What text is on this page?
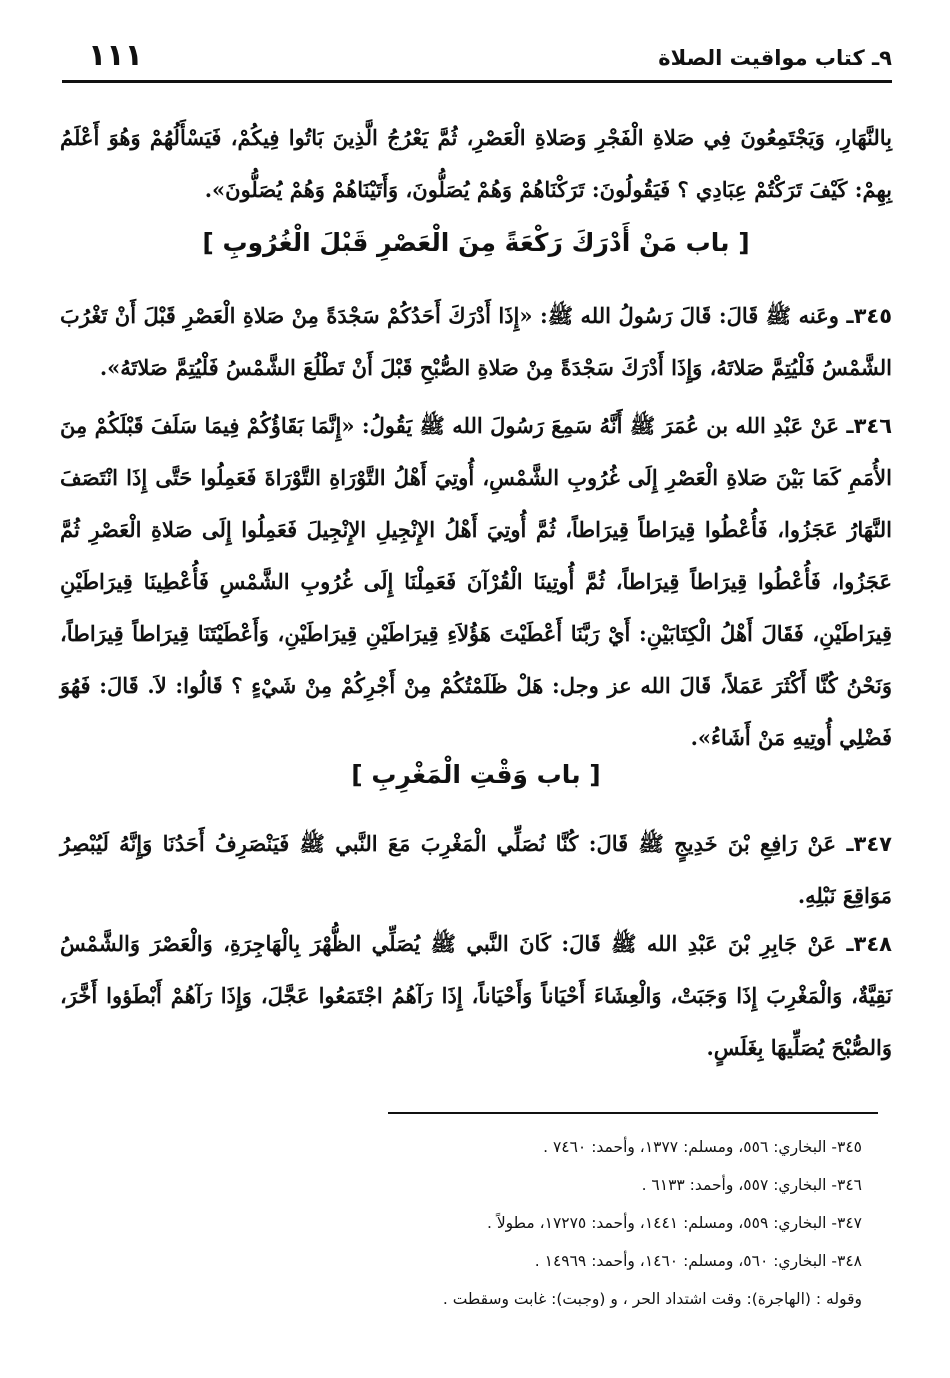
٩ـ كتاب مواقيت الصلاة
١١١
بِالنَّهَارِ، وَيَجْتَمِعُونَ فِي صَلاةِ الْفَجْرِ وَصَلاةِ الْعَصْرِ، ثُمَّ يَعْرُجُ الَّذِينَ بَاتُوا فِيكُمْ، فَيَسْأَلُهُمْ وَهُوَ أَعْلَمُ بِهِمْ: كَيْفَ تَرَكْتُمْ عِبَادِي ؟ فَيَقُولُونَ: تَرَكْنَاهُمْ وَهُمْ يُصَلُّونَ، وَأَتَيْنَاهُمْ وَهُمْ يُصَلُّونَ».
[ باب مَنْ أَدْرَكَ رَكْعَةً مِنَ الْعَصْرِ قَبْلَ الْغُرُوبِ ]
٣٤٥ـ وعَنه ﷺ قَالَ: قَالَ رَسُولُ الله ﷺ: «إِذَا أَدْرَكَ أَحَدُكُمْ سَجْدَةً مِنْ صَلاةِ الْعَصْرِ قَبْلَ أَنْ تَغْرُبَ الشَّمْسُ فَلْيُتِمَّ صَلاتَهُ، وَإِذَا أَدْرَكَ سَجْدَةً مِنْ صَلاةِ الصُّبْحِ قَبْلَ أَنْ تَطْلُعَ الشَّمْسُ فَلْيُتِمَّ صَلاتَهُ».
٣٤٦ـ عَنْ عَبْدِ الله بن عُمَرَ ﷺ أَنَّهُ سَمِعَ رَسُولَ الله ﷺ يَقُولُ: «إِنَّمَا بَقَاؤُكُمْ فِيمَا سَلَفَ قَبْلَكُمْ مِنَ الأُمَمِ كَمَا بَيْنَ صَلاةِ الْعَصْرِ إِلَى غُرُوبِ الشَّمْسِ، أُوتِيَ أَهْلُ التَّوْرَاةِ التَّوْرَاةَ فَعَمِلُوا حَتَّى إِذَا انْتَصَفَ النَّهَارُ عَجَزُوا، فَأُعْطُوا قِيرَاطاً قِيرَاطاً، ثُمَّ أُوتِيَ أَهْلُ الإِنْجِيلِ الإِنْجِيلَ فَعَمِلُوا إِلَى صَلاةِ الْعَصْرِ ثُمَّ عَجَزُوا، فَأُعْطُوا قِيرَاطاً قِيرَاطاً، ثُمَّ أُوتِينَا الْقُرْآنَ فَعَمِلْنَا إِلَى غُرُوبِ الشَّمْسِ فَأُعْطِينَا قِيرَاطَيْنِ قِيرَاطَيْنِ، فَقَالَ أَهْلُ الْكِتَابَيْنِ: أَيْ رَبَّنَا أَعْطَيْتَ هَؤُلاَءِ قِيرَاطَيْنِ قِيرَاطَيْنِ، وَأَعْطَيْتَنَا قِيرَاطاً قِيرَاطاً، وَنَحْنُ كُنَّا أَكْثَرَ عَمَلاً، قَالَ الله عز وجل: هَلْ ظَلَمْتُكُمْ مِنْ أَجْرِكُمْ مِنْ شَيْءٍ ؟ قَالُوا: لاَ. قَالَ: فَهُوَ فَضْلِي أُوتِيهِ مَنْ أَشَاءُ».
[ باب وَقْتِ الْمَغْرِبِ ]
٣٤٧ـ عَنْ رَافِعِ بْنَ خَدِيجٍ ﷺ قَالَ: كُنَّا نُصَلِّي الْمَغْرِبَ مَعَ النَّبي ﷺ فَيَنْصَرِفُ أَحَدُنَا وَإِنَّهُ لَيُبْصِرُ مَوَاقِعَ نَبْلِهِ.
٣٤٨ـ عَنْ جَابِرِ بْنَ عَبْدِ الله ﷺ قَالَ: كَانَ النَّبي ﷺ يُصَلِّي الظُّهْرَ بِالْهَاجِرَةِ، وَالْعَصْرَ وَالشَّمْسُ نَقِيَّةٌ، وَالْمَغْرِبَ إِذَا وَجَبَتْ، وَالْعِشَاءَ أَحْيَاناً وَأَحْيَاناً، إِذَا رَآهُمُ اجْتَمَعُوا عَجَّلَ، وَإِذَا رَآهُمْ أَبْطَؤوا أَخَّرَ، وَالصُّبْحَ يُصَلِّيهَا بِغَلَسٍ.
٣٤٥- البخاري: ٥٥٦، ومسلم: ١٣٧٧، وأحمد: ٧٤٦٠ .
٣٤٦- البخاري: ٥٥٧، وأحمد: ٦١٣٣ .
٣٤٧- البخاري: ٥٥٩، ومسلم: ١٤٤١، وأحمد: ١٧٢٧٥، مطولاً .
٣٤٨- البخاري: ٥٦٠، ومسلم: ١٤٦٠، وأحمد: ١٤٩٦٩ .
وقوله : (الهاجرة): وقت اشتداد الحر ، و (وجبت): غابت وسقطت .
